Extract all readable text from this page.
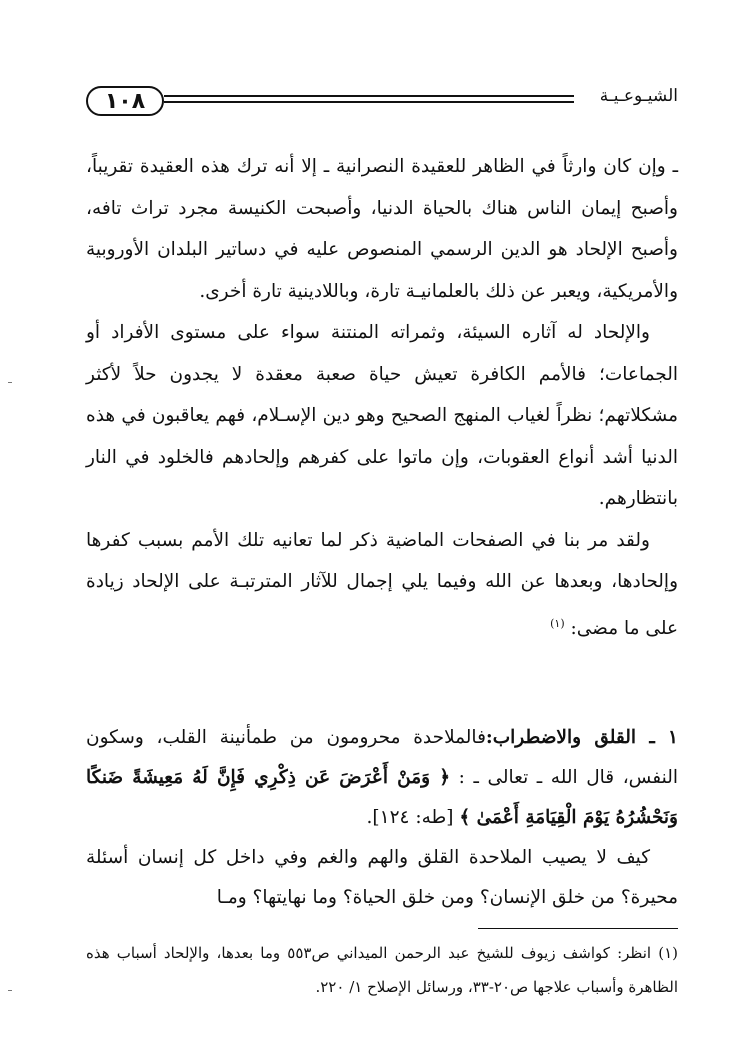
١٠٨	الشيـوعـيـة

ـ وإن كان وارثاً في الظاهر للعقيدة النصرانية ـ إلا أنه ترك هذه العقيدة تقريباً، وأصبح إيمان الناس هناك بالحياة الدنيا، وأصبحت الكنيسة مجرد تراث تافه، وأصبح الإلحاد هو الدين الرسمي المنصوص عليه في دساتير البلدان الأوروبية والأمريكية، ويعبر عن ذلك بالعلمانيـة تارة، وباللادينية تارة أخرى.

والإلحاد له آثاره السيئة، وثمراته المنتنة سواء على مستوى الأفراد أو الجماعات؛ فالأمم الكافرة تعيش حياة صعبة معقدة لا يجدون حلاً لأكثر مشكلاتهم؛ نظراً لغياب المنهج الصحيح وهو دين الإسـلام، فهم يعاقبون في هذه الدنيا أشد أنواع العقوبات، وإن ماتوا على كفرهم وإلحادهم فالخلود في النار بانتظارهم.

ولقد مر بنا في الصفحات الماضية ذكر لما تعانيه تلك الأمم بسبب كفرها وإلحادها، وبعدها عن الله وفيما يلي إجمال للآثار المترتبـة على الإلحاد زيادة على ما مضى: $^{(١)}$

١ ـ القلق والاضطراب:فالملاحدة محرومون من طمأنينة القلب، وسكون النفس، قال الله ـ تعالى ـ : ﴿ وَمَنْ أَعْرَضَ عَن ذِكْرِي فَإِنَّ لَهُ مَعِيشَةً ضَنكًا وَنَحْشُرُهُ يَوْمَ الْقِيَامَةِ أَعْمَىٰ ﴾ [طه: ١٢٤].

كيف لا يصيب الملاحدة القلق والهم والغم وفي داخل كل إنسان أسئلة محيرة؟ من خلق الإنسان؟ ومن خلق الحياة؟ وما نهايتها؟ ومـا

(١) انظر: كواشف زيوف للشيخ عبد الرحمن الميداني ص٥٥٣ وما بعدها، والإلحاد أسباب هذه الظاهرة وأسباب علاجها ص٢٠-٣٣، ورسائل الإصلاح ١/ ٢٢٠.
